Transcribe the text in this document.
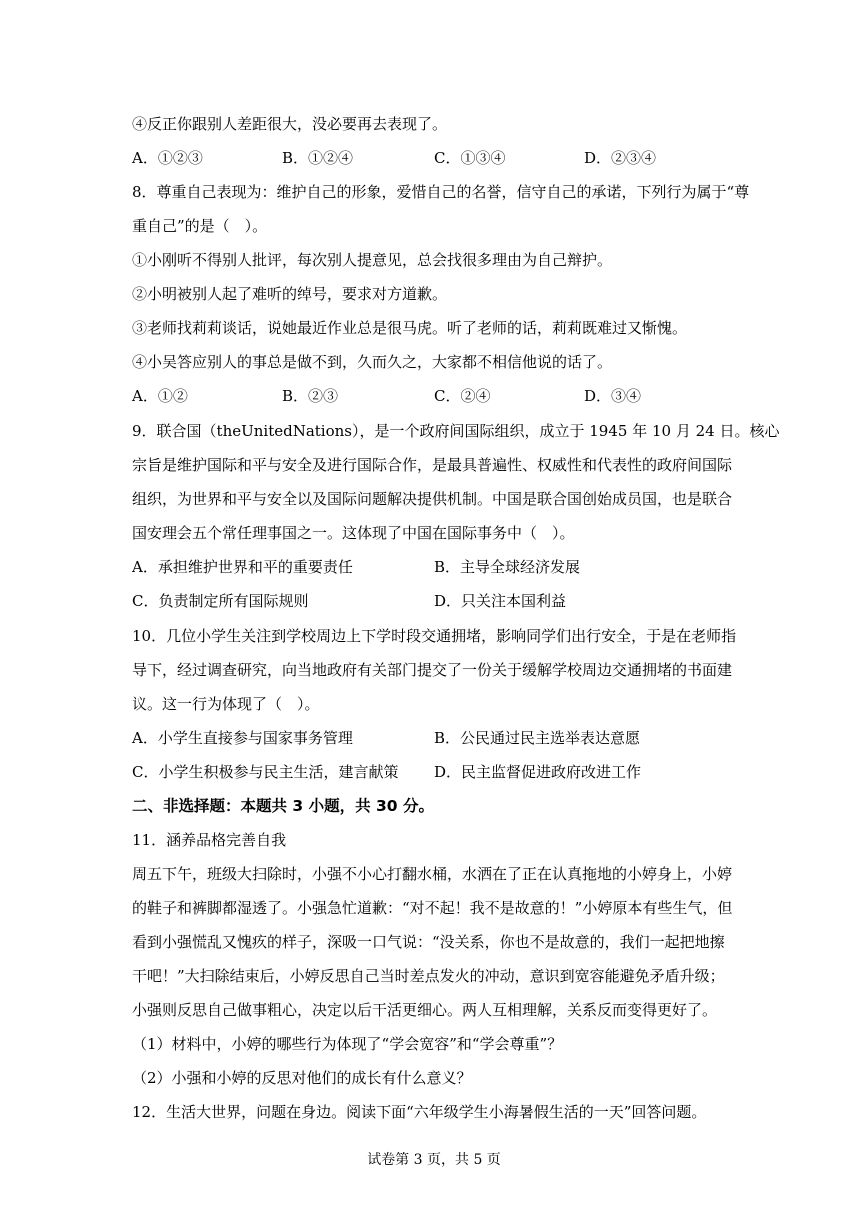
④反正你跟别人差距很大，没必要再去表现了。
A．①②③	B．①②④	C．①③④	D．②③④
8．尊重自己表现为：维护自己的形象，爱惜自己的名誉，信守自己的承诺，下列行为属于“尊
重自己”的是（　）。
①小刚听不得别人批评，每次别人提意见，总会找很多理由为自己辩护。
②小明被别人起了难听的绰号，要求对方道歉。
③老师找莉莉谈话，说她最近作业总是很马虎。听了老师的话，莉莉既难过又惭愧。
④小吴答应别人的事总是做不到，久而久之，大家都不相信他说的话了。
A．①②	B．②③	C．②④	D．③④
9．联合国（theUnitedNations），是一个政府间国际组织，成立于 1945 年 10 月 24 日。核心
宗旨是维护国际和平与安全及进行国际合作，是最具普遍性、权威性和代表性的政府间国际
组织，为世界和平与安全以及国际问题解决提供机制。中国是联合国创始成员国，也是联合
国安理会五个常任理事国之一。这体现了中国在国际事务中（　）。
A．承担维护世界和平的重要责任	B．主导全球经济发展
C．负责制定所有国际规则	D．只关注本国利益
10．几位小学生关注到学校周边上下学时段交通拥堵，影响同学们出行安全，于是在老师指
导下，经过调查研究，向当地政府有关部门提交了一份关于缓解学校周边交通拥堵的书面建
议。这一行为体现了（　）。
A．小学生直接参与国家事务管理	B．公民通过民主选举表达意愿
C．小学生积极参与民主生活，建言献策 D．民主监督促进政府改进工作
二、非选择题：本题共 3 小题，共 30 分。
11．涵养品格完善自我
周五下午，班级大扫除时，小强不小心打翻水桶，水洒在了正在认真拖地的小婷身上，小婷
的鞋子和裤脚都湿透了。小强急忙道歉：“对不起！我不是故意的！”小婷原本有些生气，但
看到小强慌乱又愧疚的样子，深吸一口气说：“没关系，你也不是故意的，我们一起把地擦
干吧！”大扫除结束后，小婷反思自己当时差点发火的冲动，意识到宽容能避免矛盾升级；
小强则反思自己做事粗心，决定以后干活更细心。两人互相理解，关系反而变得更好了。
（1）材料中，小婷的哪些行为体现了“学会宽容”和“学会尊重”？
（2）小强和小婷的反思对他们的成长有什么意义？
12．生活大世界，问题在身边。阅读下面“六年级学生小海暑假生活的一天”回答问题。
试卷第 3 页，共 5 页
